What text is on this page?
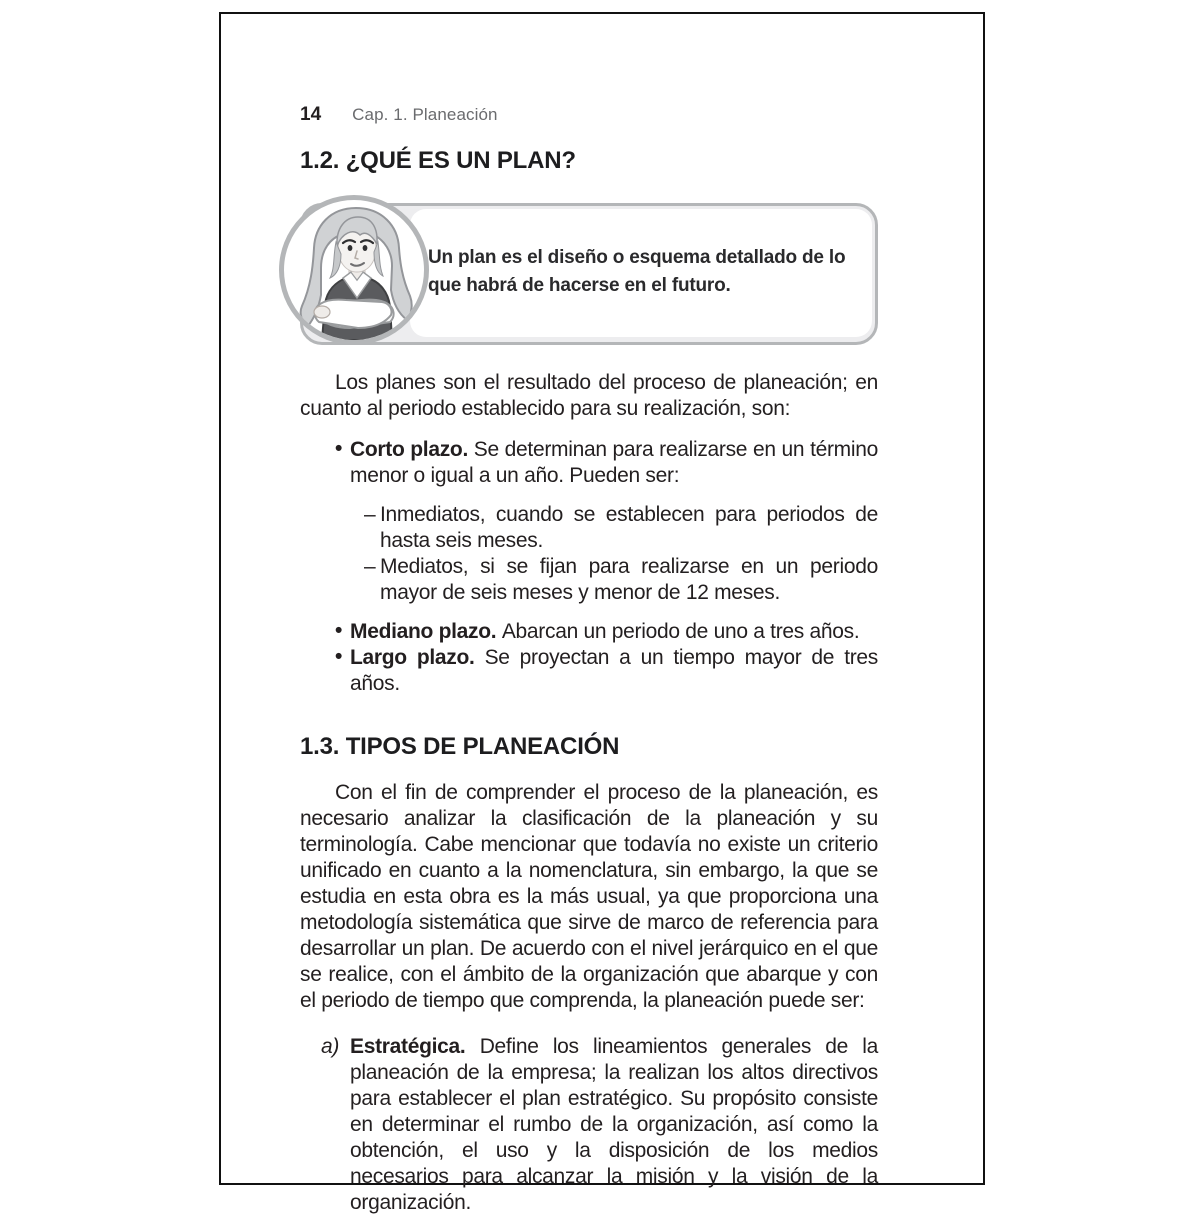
14 Cap. 1. Planeación
1.2. ¿QUÉ ES UN PLAN?
Un plan es el diseño o esquema detallado de lo que habrá de hacerse en el futuro.

Los planes son el resultado del proceso de planeación; en cuanto al periodo establecido para su realización, son:

• Corto plazo. Se determinan para realizarse en un término menor o igual a un año. Pueden ser:
– Inmediatos, cuando se establecen para periodos de hasta seis meses.
– Mediatos, si se fijan para realizarse en un periodo mayor de seis meses y menor de 12 meses.
• Mediano plazo. Abarcan un periodo de uno a tres años.
• Largo plazo. Se proyectan a un tiempo mayor de tres años.
1.3. TIPOS DE PLANEACIÓN

Con el fin de comprender el proceso de la planeación, es necesario analizar la clasificación de la planeación y su terminología. Cabe mencionar que todavía no existe un criterio unificado en cuanto a la nomenclatura, sin embargo, la que se estudia en esta obra es la más usual, ya que proporciona una metodología sistemática que sirve de marco de referencia para desarrollar un plan. De acuerdo con el nivel jerárquico en el que se realice, con el ámbito de la organización que abarque y con el periodo de tiempo que comprenda, la planeación puede ser:

a) Estratégica. Define los lineamientos generales de la planeación de la empresa; la realizan los altos directivos para establecer el plan estratégico. Su propósito consiste en determinar el rumbo de la organización, así como la obtención, el uso y la disposición de los medios necesarios para alcanzar la misión y la visión de la organización.
